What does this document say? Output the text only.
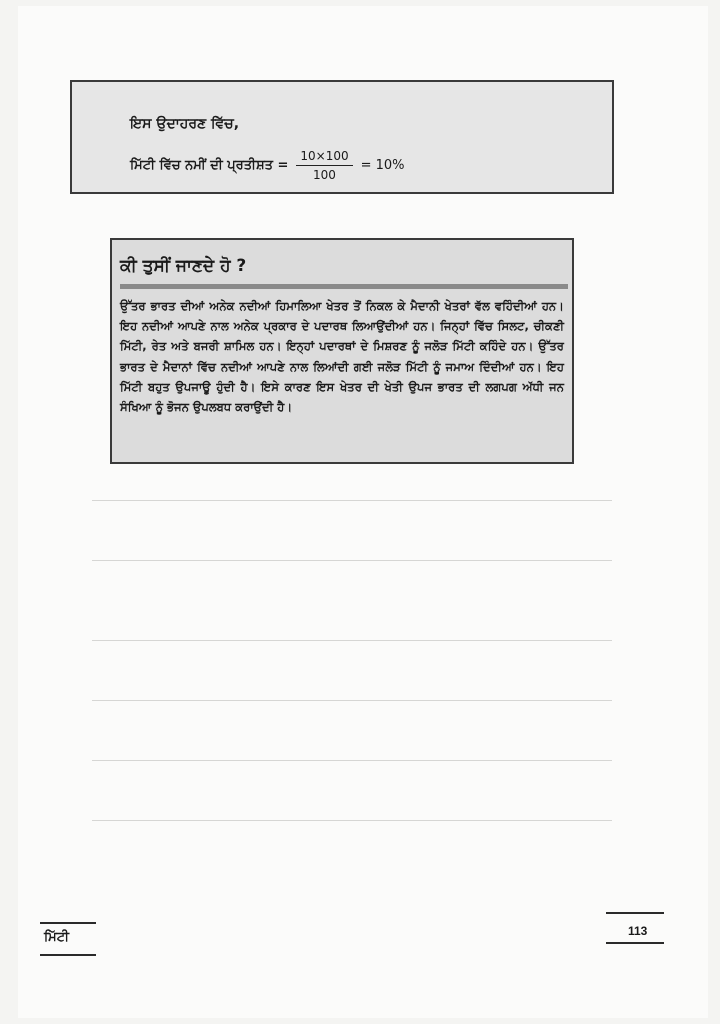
ਇਸ ਉਦਾਹਰਣ ਵਿੱਚ,
ਮਿੱਟੀ ਵਿੱਚ ਨਮੀਂ ਦੀ ਪ੍ਰਤੀਸ਼ਤ = $\frac{10\times 100}{100} = 10\%$
ਕੀ ਤੁਸੀਂ ਜਾਣਦੇ ਹੋ ?
ਉੱਤਰ ਭਾਰਤ ਦੀਆਂ ਅਨੇਕ ਨਦੀਆਂ ਹਿਮਾਲਿਆ ਖੇਤਰ ਤੋਂ ਨਿਕਲ ਕੇ ਮੈਦਾਨੀ ਖੇਤਰਾਂ ਵੱਲ ਵਹਿੰਦੀਆਂ ਹਨ। ਇਹ ਨਦੀਆਂ ਆਪਣੇ ਨਾਲ ਅਨੇਕ ਪ੍ਰਕਾਰ ਦੇ ਪਦਾਰਥ ਲਿਆਉਂਦੀਆਂ ਹਨ। ਜਿਨ੍ਹਾਂ ਵਿੱਚ ਸਿਲਟ, ਚੀਕਣੀ ਮਿੱਟੀ, ਰੇਤ ਅਤੇ ਬਜਰੀ ਸ਼ਾਮਿਲ ਹਨ। ਇਨ੍ਹਾਂ ਪਦਾਰਥਾਂ ਦੇ ਮਿਸ਼ਰਣ ਨੂੰ ਜਲੋੜ ਮਿੱਟੀ ਕਹਿੰਦੇ ਹਨ। ਉੱਤਰ ਭਾਰਤ ਦੇ ਮੈਦਾਨਾਂ ਵਿੱਚ ਨਦੀਆਂ ਆਪਣੇ ਨਾਲ ਲਿਆਂਦੀ ਗਈ ਜਲੋੜ ਮਿੱਟੀ ਨੂੰ ਜਮਾਅ ਦਿੰਦੀਆਂ ਹਨ। ਇਹ ਮਿੱਟੀ ਬਹੁਤ ਉਪਜਾਊ ਹੁੰਦੀ ਹੈ। ਇਸੇ ਕਾਰਣ ਇਸ ਖੇਤਰ ਦੀ ਖੇਤੀ ਉਪਜ ਭਾਰਤ ਦੀ ਲਗਪਗ ਅੱਧੀ ਜਨ ਸੰਖਿਆ ਨੂੰ ਭੋਜਨ ਉਪਲਬਧ ਕਰਾਉਂਦੀ ਹੈ।
ਮਿੱਟੀ	113
